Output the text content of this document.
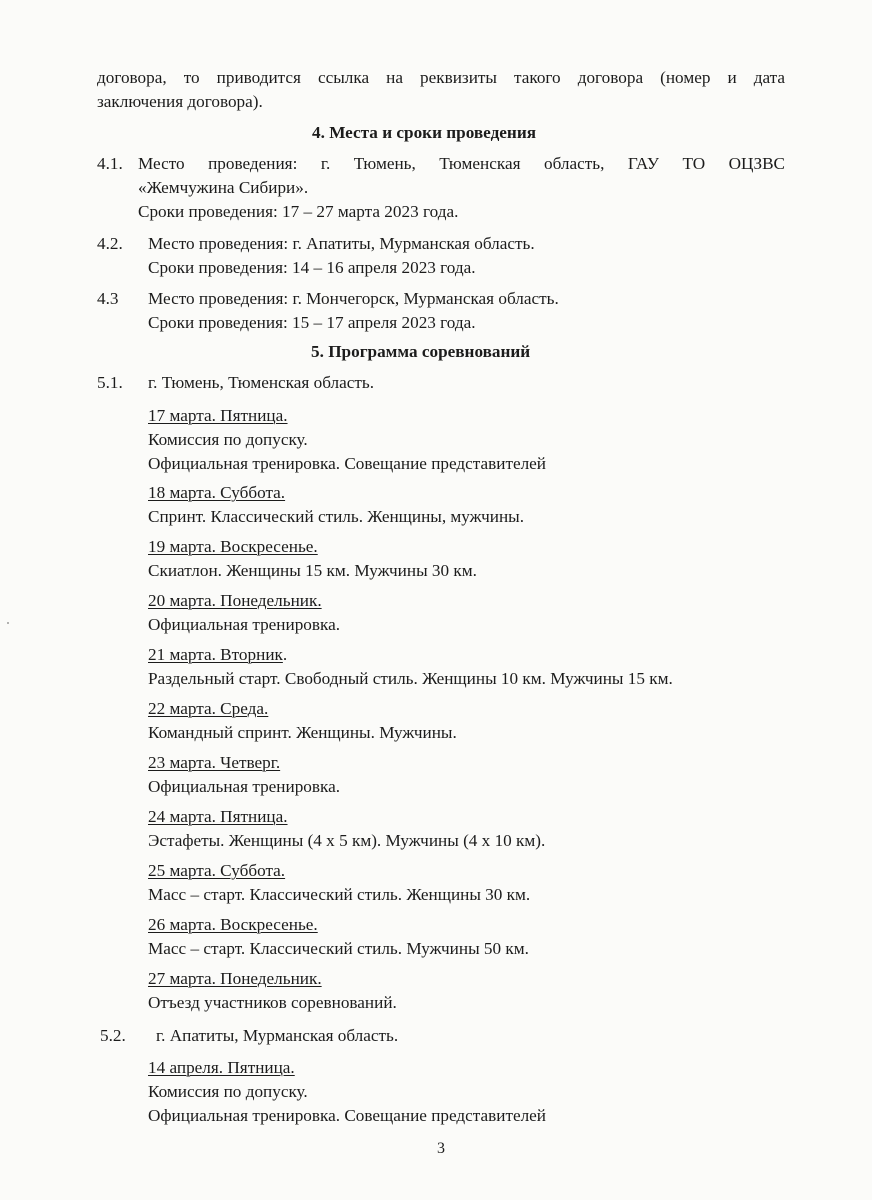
договора, то приводится ссылка на реквизиты такого договора (номер и дата
заключения договора).
4. Места и сроки проведения
4.1. Место проведения: г. Тюмень, Тюменская область, ГАУ ТО ОЦЗВС
«Жемчужина Сибири».
Сроки проведения: 17 – 27 марта 2023 года.
4.2. Место проведения: г. Апатиты, Мурманская область.
Сроки проведения: 14 – 16 апреля 2023 года.
4.3 Место проведения: г. Мончегорск, Мурманская область.
Сроки проведения: 15 – 17 апреля 2023 года.
5. Программа соревнований
5.1. г. Тюмень, Тюменская область.
17 марта. Пятница.
Комиссия по допуску.
Официальная тренировка. Совещание представителей
18 марта. Суббота.
Спринт. Классический стиль. Женщины, мужчины.
19 марта. Воскресенье.
Скиатлон. Женщины 15 км. Мужчины 30 км.
20 марта. Понедельник.
Официальная тренировка.
21 марта. Вторник.
Раздельный старт. Свободный стиль. Женщины 10 км. Мужчины 15 км.
22 марта. Среда.
Командный спринт. Женщины. Мужчины.
23 марта. Четверг.
Официальная тренировка.
24 марта. Пятница.
Эстафеты. Женщины (4 х 5 км). Мужчины (4 х 10 км).
25 марта. Суббота.
Масс – старт. Классический стиль. Женщины 30 км.
26 марта. Воскресенье.
Масс – старт. Классический стиль. Мужчины 50 км.
27 марта. Понедельник.
Отъезд участников соревнований.
5.2. г. Апатиты, Мурманская область.
14 апреля. Пятница.
Комиссия по допуску.
Официальная тренировка. Совещание представителей
3
